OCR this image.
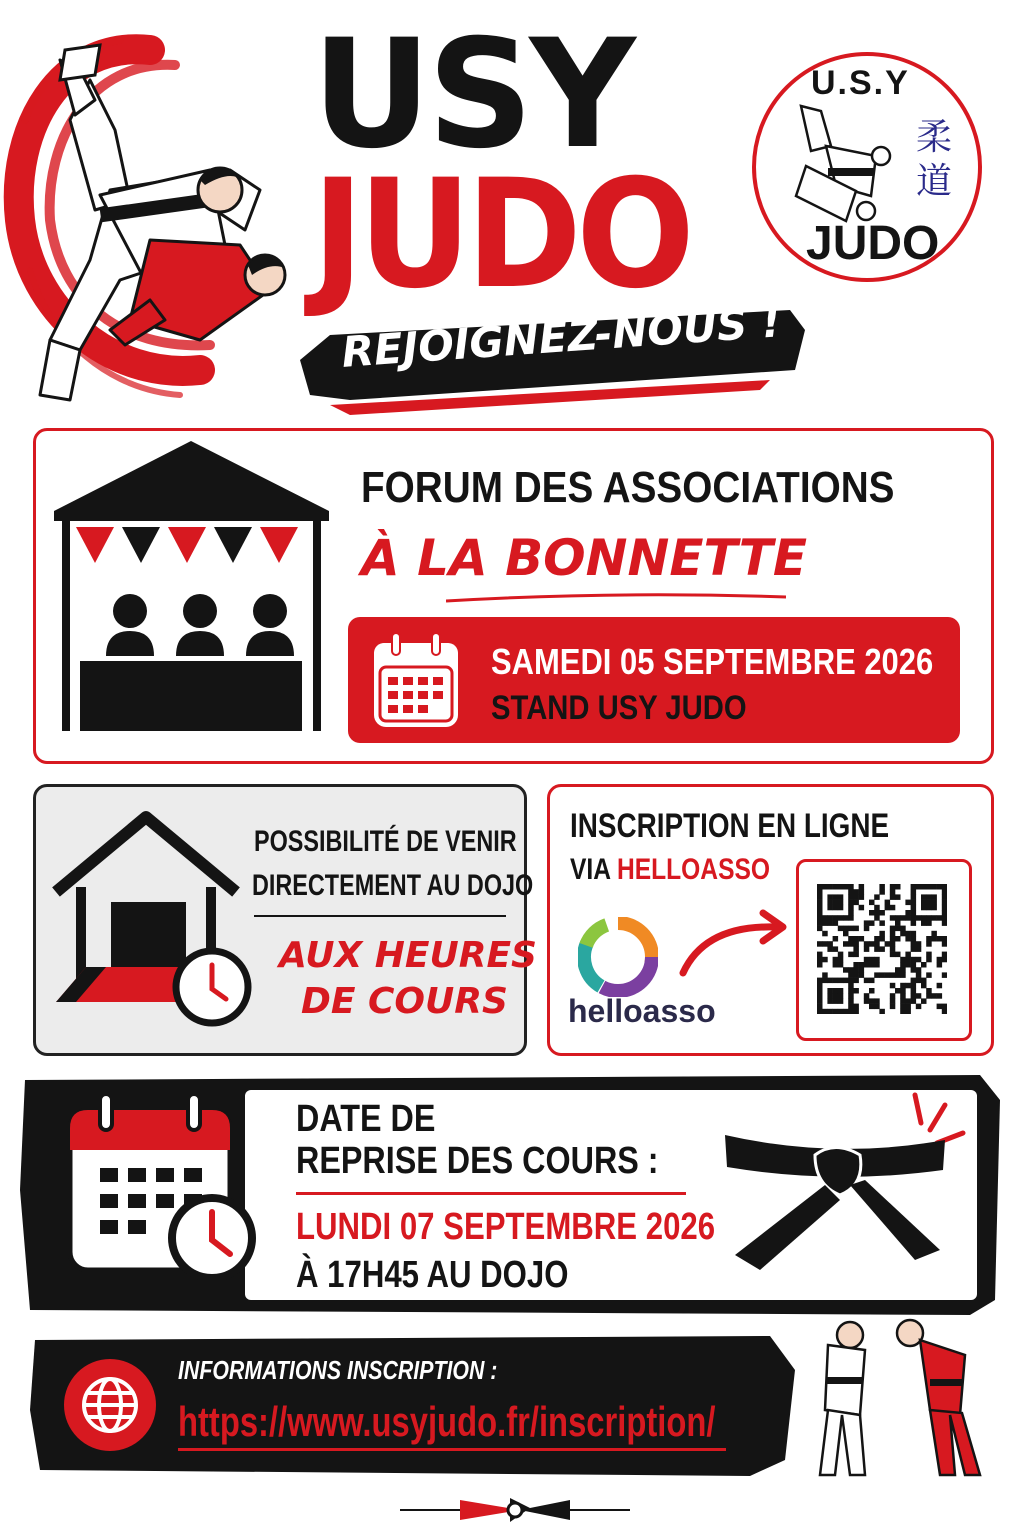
USY
JUDO
REJOIGNEZ-NOUS !
U.S.Y
柔道
JUDO
FORUM DES ASSOCIATIONS
À LA BONNETTE
SAMEDI 05 SEPTEMBRE 2026
STAND USY JUDO
POSSIBILITÉ DE VENIR
DIRECTEMENT AU DOJO
AUX HEURES
DE COURS
INSCRIPTION EN LIGNE
VIA HELLOASSO
helloasso
DATE DE
REPRISE DES COURS :
LUNDI 07 SEPTEMBRE 2026
À 17H45 AU DOJO
INFORMATIONS INSCRIPTION :
https://www.usyjudo.fr/inscription/
